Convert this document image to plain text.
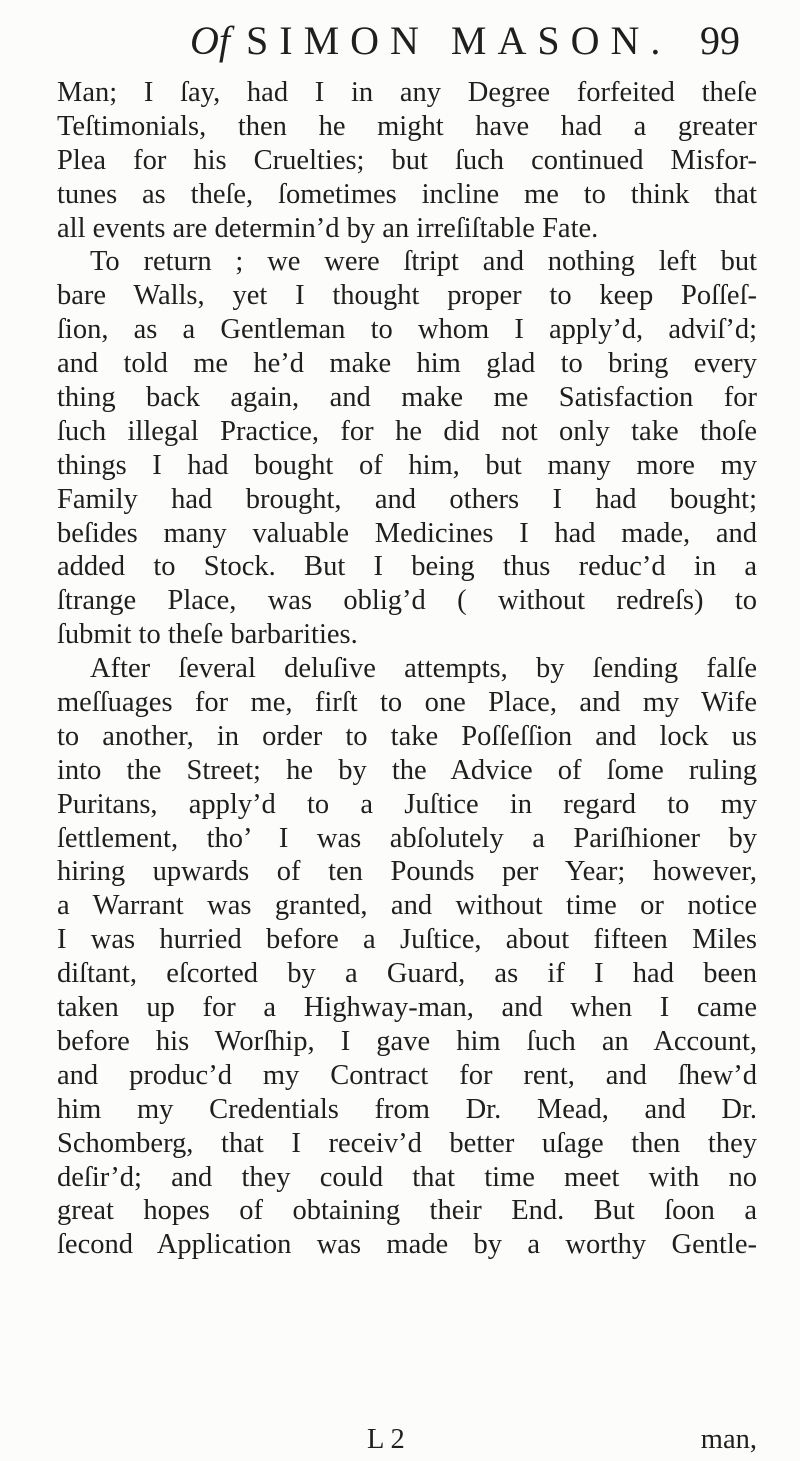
Of SIMON MASON. 99
Man; I ſay, had I in any Degree forfeited theſe
Teſtimonials, then he might have had a greater
Plea for his Cruelties; but ſuch continued Misfor-
tunes as theſe, ſometimes incline me to think that
all events are determin’d by an irreſiſtable Fate.
To return ; we were ſtript and nothing left but
bare Walls, yet I thought proper to keep Poſſeſ-
ſion, as a Gentleman to whom I apply’d, adviſ’d;
and told me he’d make him glad to bring every
thing back again, and make me Satisfaction for
ſuch illegal Practice, for he did not only take thoſe
things I had bought of him, but many more my
Family had brought, and others I had bought;
beſides many valuable Medicines I had made, and
added to Stock. But I being thus reduc’d in a
ſtrange Place, was oblig’d ( without redreſs) to
ſubmit to theſe barbarities.
After ſeveral deluſive attempts, by ſending falſe
meſſuages for me, firſt to one Place, and my Wife
to another, in order to take Poſſeſſion and lock us
into the Street; he by the Advice of ſome ruling
Puritans, apply’d to a Juſtice in regard to my
ſettlement, tho’ I was abſolutely a Pariſhioner by
hiring upwards of ten Pounds per Year; however,
a Warrant was granted, and without time or notice
I was hurried before a Juſtice, about fifteen Miles
diſtant, eſcorted by a Guard, as if I had been
taken up for a Highway-man, and when I came
before his Worſhip, I gave him ſuch an Account,
and produc’d my Contract for rent, and ſhew’d
him my Credentials from Dr. Mead, and Dr.
Schomberg, that I receiv’d better uſage then they
deſir’d; and they could that time meet with no
great hopes of obtaining their End. But ſoon a
ſecond Application was made by a worthy Gentle-
L 2	man,
